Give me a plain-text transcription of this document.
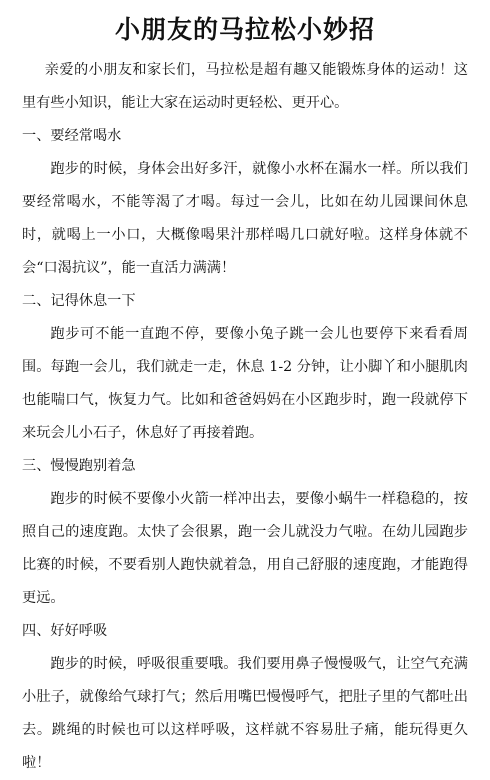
小朋友的马拉松小妙招

亲爱的小朋友和家长们，马拉松是超有趣又能锻炼身体的运动！这里有些小知识，能让大家在运动时更轻松、更开心。

一、要经常喝水

跑步的时候，身体会出好多汗，就像小水杯在漏水一样。所以我们要经常喝水，不能等渴了才喝。每过一会儿，比如在幼儿园课间休息时，就喝上一小口，大概像喝果汁那样喝几口就好啦。这样身体就不会“口渴抗议”，能一直活力满满！

二、记得休息一下

跑步可不能一直跑不停，要像小兔子跳一会儿也要停下来看看周围。每跑一会儿，我们就走一走，休息 1-2 分钟，让小脚丫和小腿肌肉也能喘口气，恢复力气。比如和爸爸妈妈在小区跑步时，跑一段就停下来玩会儿小石子，休息好了再接着跑。

三、慢慢跑别着急

跑步的时候不要像小火箭一样冲出去，要像小蜗牛一样稳稳的，按照自己的速度跑。太快了会很累，跑一会儿就没力气啦。在幼儿园跑步比赛的时候，不要看别人跑快就着急，用自己舒服的速度跑，才能跑得更远。

四、好好呼吸

跑步的时候，呼吸很重要哦。我们要用鼻子慢慢吸气，让空气充满小肚子，就像给气球打气；然后用嘴巴慢慢呼气，把肚子里的气都吐出去。跳绳的时候也可以这样呼吸，这样就不容易肚子痛，能玩得更久啦！
